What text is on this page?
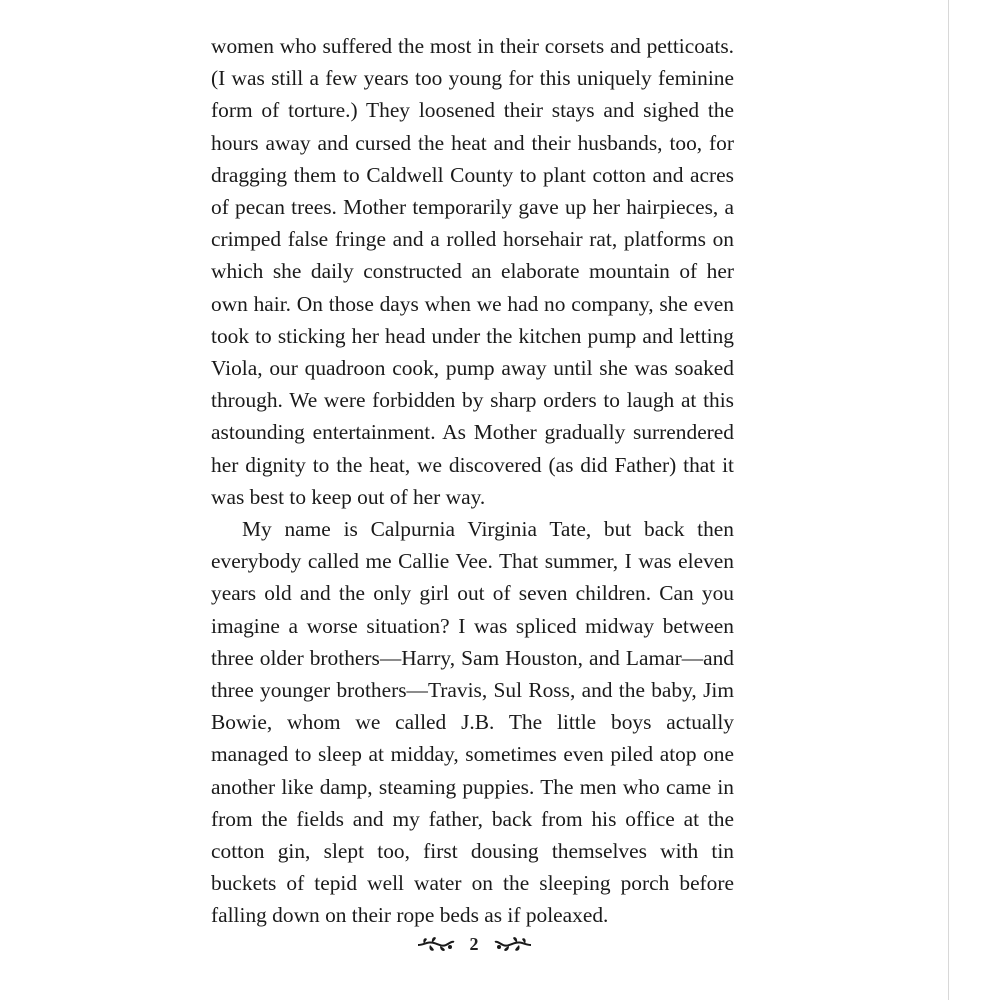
women who suffered the most in their corsets and petticoats. (I was still a few years too young for this uniquely feminine form of torture.) They loosened their stays and sighed the hours away and cursed the heat and their husbands, too, for dragging them to Caldwell County to plant cotton and acres of pecan trees. Mother temporarily gave up her hairpieces, a crimped false fringe and a rolled horsehair rat, platforms on which she daily constructed an elaborate mountain of her own hair. On those days when we had no company, she even took to sticking her head under the kitchen pump and letting Viola, our quadroon cook, pump away until she was soaked through. We were forbidden by sharp orders to laugh at this astounding entertainment. As Mother gradually surrendered her dignity to the heat, we discovered (as did Father) that it was best to keep out of her way.

My name is Calpurnia Virginia Tate, but back then everybody called me Callie Vee. That summer, I was eleven years old and the only girl out of seven children. Can you imagine a worse situation? I was spliced midway between three older brothers—Harry, Sam Houston, and Lamar—and three younger brothers—Travis, Sul Ross, and the baby, Jim Bowie, whom we called J.B. The little boys actually managed to sleep at midday, sometimes even piled atop one another like damp, steaming puppies. The men who came in from the fields and my father, back from his office at the cotton gin, slept too, first dousing themselves with tin buckets of tepid well water on the sleeping porch before falling down on their rope beds as if poleaxed.

2
